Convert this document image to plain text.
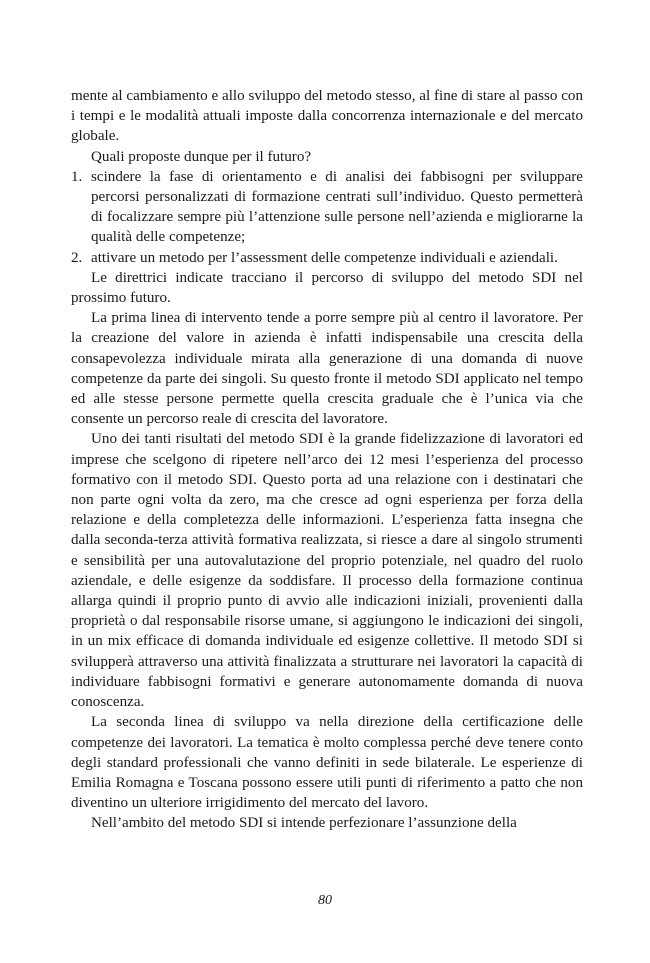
mente al cambiamento e allo sviluppo del metodo stesso, al fine di stare al passo con i tempi e le modalità attuali imposte dalla concorrenza internazionale e del mercato globale.

Quali proposte dunque per il futuro?

1. scindere la fase di orientamento e di analisi dei fabbisogni per sviluppare percorsi personalizzati di formazione centrati sull’individuo. Questo permetterà di focalizzare sempre più l’attenzione sulle persone nell’azienda e migliorarne la qualità delle competenze;
2. attivare un metodo per l’assessment delle competenze individuali e aziendali.

Le direttrici indicate tracciano il percorso di sviluppo del metodo SDI nel prossimo futuro.

La prima linea di intervento tende a porre sempre più al centro il lavoratore. Per la creazione del valore in azienda è infatti indispensabile una crescita della consapevolezza individuale mirata alla generazione di una domanda di nuove competenze da parte dei singoli. Su questo fronte il metodo SDI applicato nel tempo ed alle stesse persone permette quella crescita graduale che è l’unica via che consente un percorso reale di crescita del lavoratore.

Uno dei tanti risultati del metodo SDI è la grande fidelizzazione di lavoratori ed imprese che scelgono di ripetere nell’arco dei 12 mesi l’esperienza del processo formativo con il metodo SDI. Questo porta ad una relazione con i destinatari che non parte ogni volta da zero, ma che cresce ad ogni esperienza per forza della relazione e della completezza delle informazioni. L’esperienza fatta insegna che dalla seconda-terza attività formativa realizzata, si riesce a dare al singolo strumenti e sensibilità per una autovalutazione del proprio potenziale, nel quadro del ruolo aziendale, e delle esigenze da soddisfare. Il processo della formazione continua allarga quindi il proprio punto di avvio alle indicazioni iniziali, provenienti dalla proprietà o dal responsabile risorse umane, si aggiungono le indicazioni dei singoli, in un mix efficace di domanda individuale ed esigenze collettive. Il metodo SDI si svilupperà attraverso una attività finalizzata a strutturare nei lavoratori la capacità di individuare fabbisogni formativi e generare autonomamente domanda di nuova conoscenza.

La seconda linea di sviluppo va nella direzione della certificazione delle competenze dei lavoratori. La tematica è molto complessa perché deve tenere conto degli standard professionali che vanno definiti in sede bilaterale. Le esperienze di Emilia Romagna e Toscana possono essere utili punti di riferimento a patto che non diventino un ulteriore irrigidimento del mercato del lavoro.

Nell’ambito del metodo SDI si intende perfezionare l’assunzione della

80
